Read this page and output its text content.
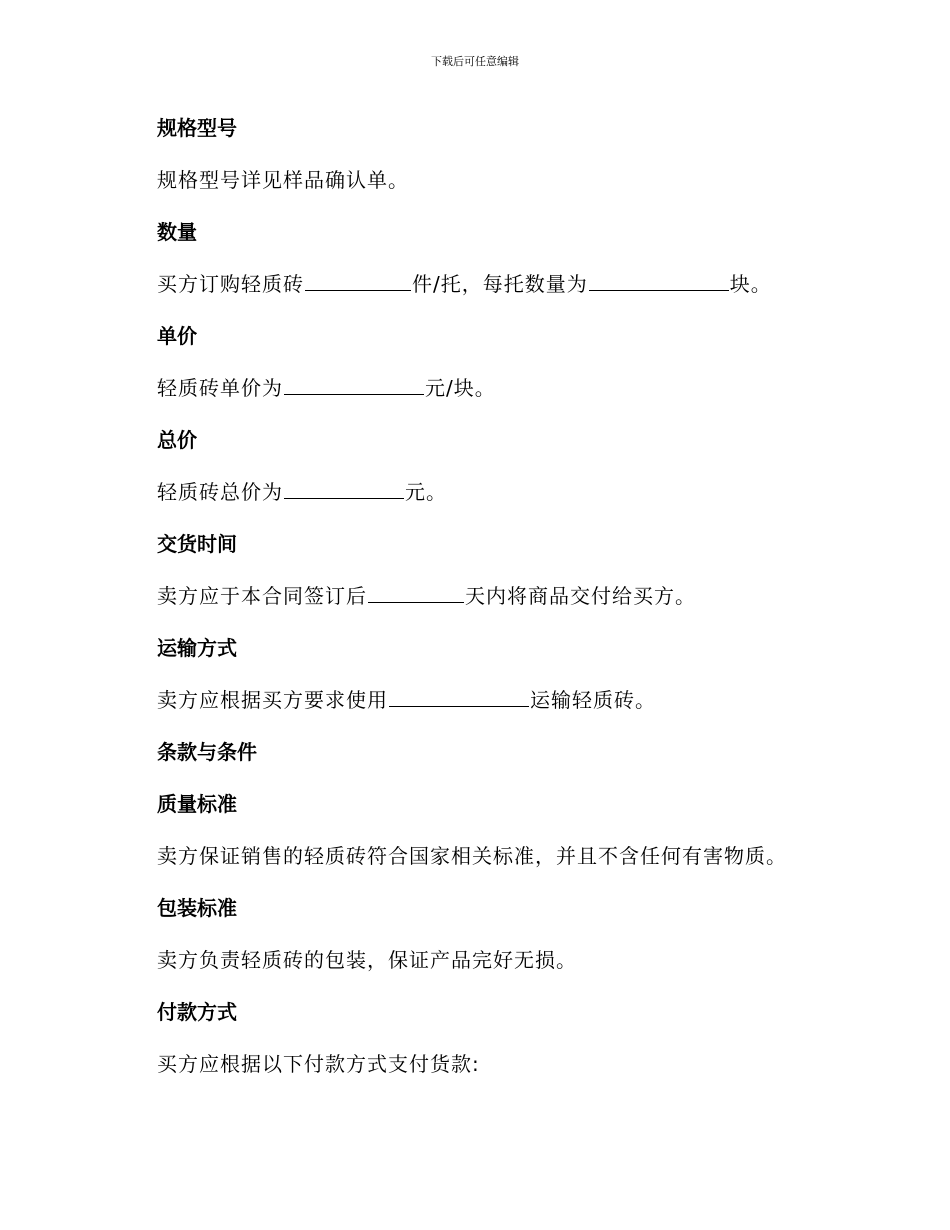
下载后可任意编辑

规格型号

规格型号详见样品确认单。

数量

买方订购轻质砖	件/托，每托数量为	块。

单价

轻质砖单价为	元/块。

总价

轻质砖总价为	元。

交货时间

卖方应于本合同签订后	天内将商品交付给买方。

运输方式

卖方应根据买方要求使用	运输轻质砖。

条款与条件

质量标准

卖方保证销售的轻质砖符合国家相关标准，并且不含任何有害物质。

包装标准

卖方负责轻质砖的包装，保证产品完好无损。

付款方式

买方应根据以下付款方式支付货款:
